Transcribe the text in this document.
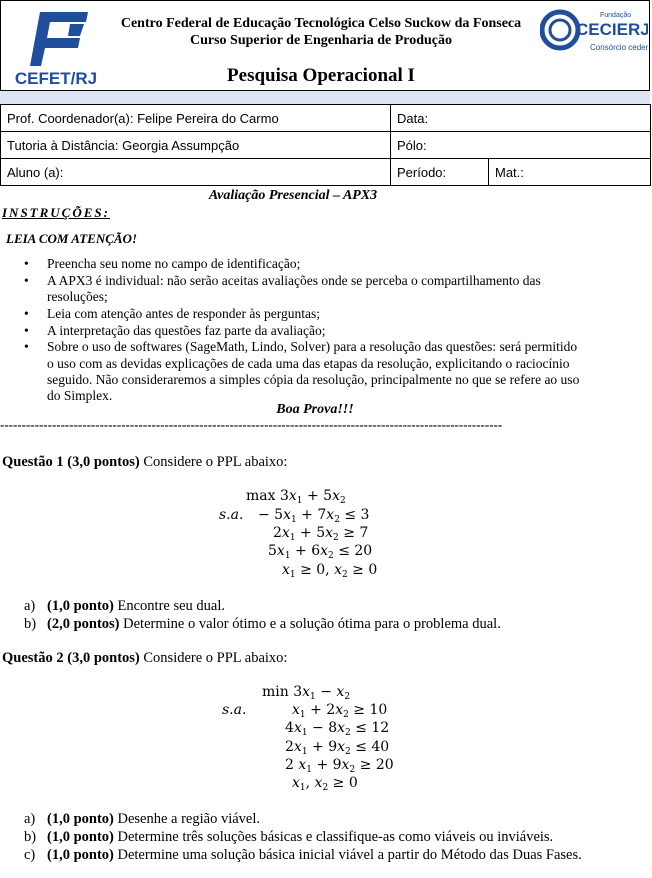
CEFET/RJ
Centro Federal de Educação Tecnológica Celso Suckow da Fonseca
Curso Superior de Engenharia de Produção
Pesquisa Operacional I
Fundação
CECIERJ
Consórcio cederj
Prof. Coordenador(a): Felipe Pereira do Carmo	Data:	
Tutoria à Distância: Georgia Assumpção	Pólo:	
Aluno (a):	Período:	Mat.:
Avaliação Presencial – APX3
INSTRUÇÕES:
LEIA COM ATENÇÃO!
• Preencha seu nome no campo de identificação;
• A APX3 é individual: não serão aceitas avaliações onde se perceba o compartilhamento das resoluções;
• Leia com atenção antes de responder às perguntas;
• A interpretação das questões faz parte da avaliação;
• Sobre o uso de softwares (SageMath, Lindo, Solver) para a resolução das questões: será permitido o uso com as devidas explicações de cada uma das etapas da resolução, explicitando o raciocínio seguido. Não consideraremos a simples cópia da resolução, principalmente no que se refere ao uso do Simplex.
Boa Prova!!!
--------------------------------------------------------------------------------------------------------------------
Questão 1 (3,0 pontos) Considere o PPL abaixo:
$\max 3x_1 + 5x_2$
s.a. − $5x_1 + 7x_2 \le 3$
$2x_1 + 5x_2 \ge 7$
$5x_1 + 6x_2 \le 20$
$x_1 \ge 0$, $x_2 \ge 0$
a) (1,0 ponto) Encontre seu dual.
b) (2,0 pontos) Determine o valor ótimo e a solução ótima para o problema dual.
Questão 2 (3,0 pontos) Considere o PPL abaixo:
$\min 3x_1 - x_2$
s.a.	$x_1 + 2x_2 \ge 10$
$4x_1 - 8x_2 \le 12$
$2x_1 + 9x_2 \le 40$
2 $x_1 + 9x_2 \ge 20$
$x_1$, $x_2 \ge 0$
a) (1,0 ponto) Desenhe a região viável.
b) (1,0 ponto) Determine três soluções básicas e classifique-as como viáveis ou inviáveis.
c) (1,0 ponto) Determine uma solução básica inicial viável a partir do Método das Duas Fases.
